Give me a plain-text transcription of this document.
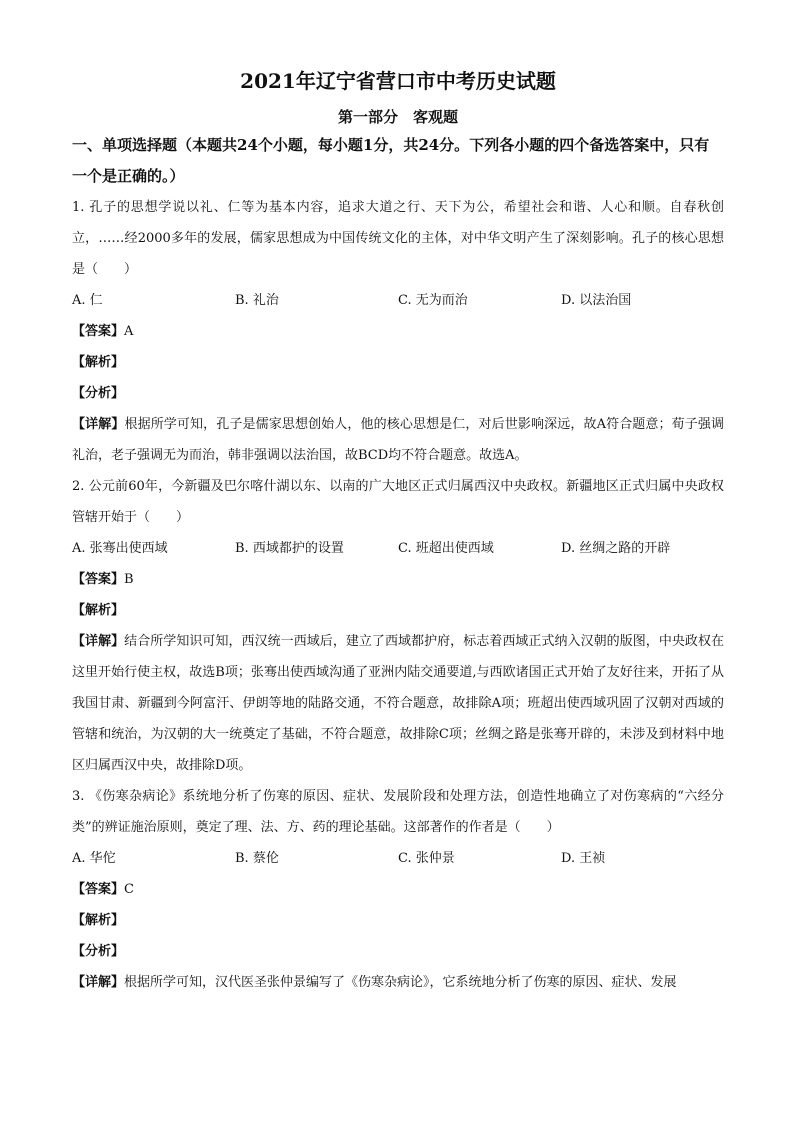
2021年辽宁省营口市中考历史试题
第一部分　客观题
一、单项选择题（本题共24个小题，每小题1分，共24分。下列各小题的四个备选答案中，只有一个是正确的。）
1. 孔子的思想学说以礼、仁等为基本内容，追求大道之行、天下为公，希望社会和谐、人心和顺。自春秋创立，……经2000多年的发展，儒家思想成为中国传统文化的主体，对中华文明产生了深刻影响。孔子的核心思想是（　　）
A. 仁	B. 礼治	C. 无为而治	D. 以法治国
【答案】A
【解析】
【分析】
【详解】根据所学可知，孔子是儒家思想创始人，他的核心思想是仁，对后世影响深远，故A符合题意；荀子强调礼治，老子强调无为而治，韩非强调以法治国，故BCD均不符合题意。故选A。
2. 公元前60年，今新疆及巴尔喀什湖以东、以南的广大地区正式归属西汉中央政权。新疆地区正式归属中央政权管辖开始于（　　）
A. 张骞出使西域	B. 西域都护的设置	C. 班超出使西域	D. 丝绸之路的开辟
【答案】B
【解析】
【详解】结合所学知识可知，西汉统一西域后，建立了西域都护府，标志着西域正式纳入汉朝的版图，中央政权在这里开始行使主权，故选B项；张骞出使西域沟通了亚洲内陆交通要道,与西欧诸国正式开始了友好往来，开拓了从我国甘肃、新疆到今阿富汗、伊朗等地的陆路交通，不符合题意，故排除A项；班超出使西域巩固了汉朝对西域的管辖和统治，为汉朝的大一统奠定了基础，不符合题意，故排除C项；丝绸之路是张骞开辟的，未涉及到材料中地区归属西汉中央，故排除D项。
3. 《伤寒杂病论》系统地分析了伤寒的原因、症状、发展阶段和处理方法，创造性地确立了对伤寒病的“六经分类”的辨证施治原则，奠定了理、法、方、药的理论基础。这部著作的作者是（　　）
A. 华佗	B. 蔡伦	C. 张仲景	D. 王祯
【答案】C
【解析】
【分析】
【详解】根据所学可知，汉代医圣张仲景编写了《伤寒杂病论》，它系统地分析了伤寒的原因、症状、发展
